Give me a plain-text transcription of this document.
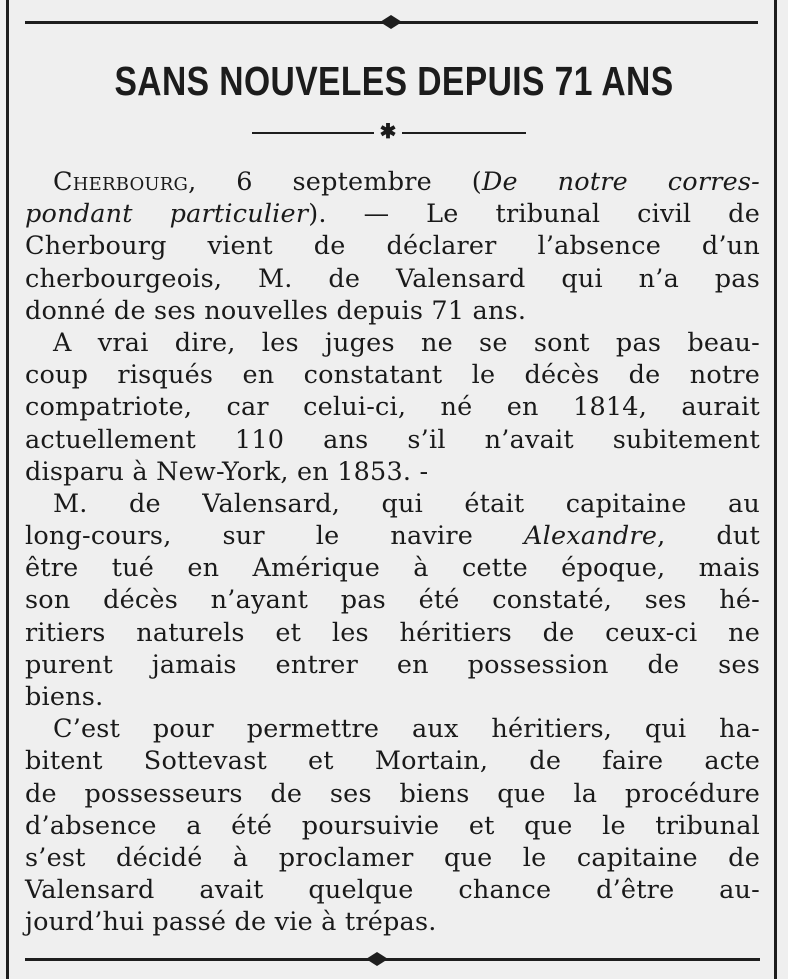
SANS NOUVELES DEPUIS 71 ANS
✱
Cherbourg, 6 septembre (De notre corres-
pondant particulier). — Le tribunal civil de
Cherbourg vient de déclarer l’absence d’un
cherbourgeois, M. de Valensard qui n’a pas
donné de ses nouvelles depuis 71 ans.
A vrai dire, les juges ne se sont pas beau-
coup risqués en constatant le décès de notre
compatriote, car celui-ci, né en 1814, aurait
actuellement 110 ans s’il n’avait subitement
disparu à New-York, en 1853. -
M. de Valensard, qui était capitaine au
long-cours, sur le navire Alexandre, dut
être tué en Amérique à cette époque, mais
son décès n’ayant pas été constaté, ses hé-
ritiers naturels et les héritiers de ceux-ci ne
purent jamais entrer en possession de ses
biens.
C’est pour permettre aux héritiers, qui ha-
bitent Sottevast et Mortain, de faire acte
de possesseurs de ses biens que la procédure
d’absence a été poursuivie et que le tribunal
s’est décidé à proclamer que le capitaine de
Valensard avait quelque chance d’être au-
jourd’hui passé de vie à trépas.
